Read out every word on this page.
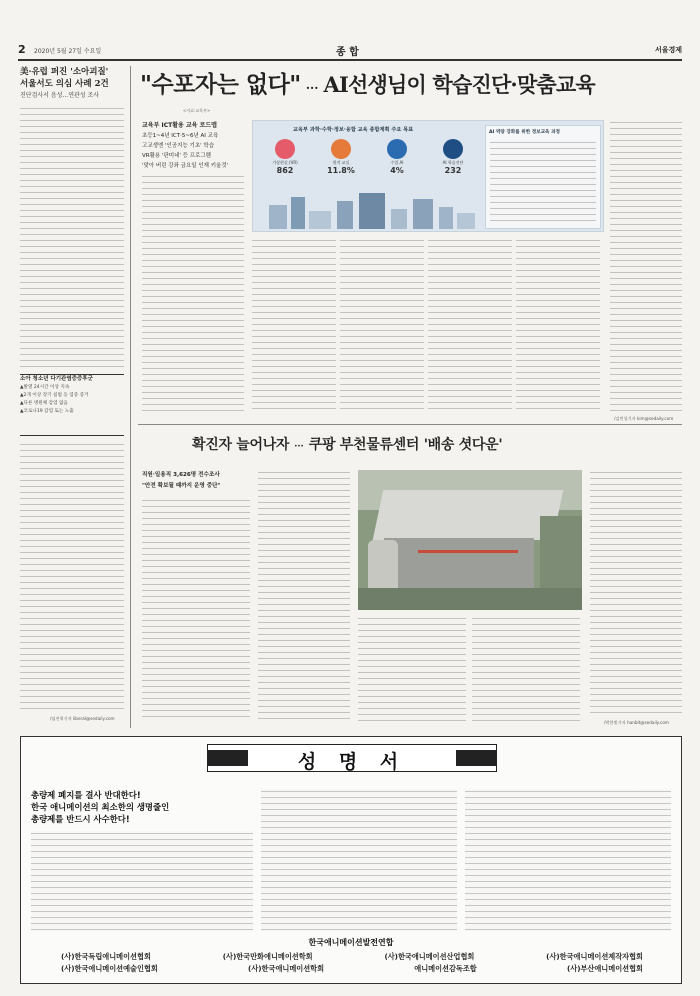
2 2020년 5월 27일 수요일	종 합	서울경제
美·유럽 퍼진 '소아괴질'
서울서도 의심 사례 2건
진단검사서 음성...연관성 조사
소아 청소년 다기관염증증후군
▲발열 24시간 이상 지속
▲2개 이상 장기 침범 등 염증 증거
▲다른 병원체 감염 없음
▲코로나19 감염 또는 노출
/임진혁기자 liberal@sedaily.com
"수포자는 없다" ··· AI선생님이 학습진단·맞춤교육
<자료:교육부>
교육부 ICT활용 교육 로드맵
초등1~4년 ICT·5~6년 AI 교육
고교생엔 '인공지능 기초' 학습
VR활용 '판미네' 등 프로그램
'맞아 버린 강좌 금요일 인재 키울것'
교육부 과학·수학·정보·융합 교육 종합계획 주요 목표
가상현실 (VR)
862
원격 교실
11.8%
수업 AI
4%
AI 학습진단
232
AI 역량 강화를 위한 정보교육 과정
/김민성기자 kim@sedaily.com
확진자 늘어나자 ··· 쿠팡 부천물류센터 '배송 셧다운'
직원·일용직 3,626명 전수조사
"안전 확보될 때까지 운영 중단"
/박한빛기자 hanbit@sedaily.com
성 명 서
총량제 폐지를 결사 반대한다!
한국 애니메이션의 최소한의 생명줄인
총량제를 반드시 사수한다!
한국애니메이션발전연합
(사)한국독립애니메이션협회	(사)한국만화애니메이션학회	(사)한국애니메이션산업협회	(사)한국애니메이션제작자협회
(사)한국애니메이션예술인협회	(사)한국애니메이션학회	애니메이션감독조합	(사)부산애니메이션협회
